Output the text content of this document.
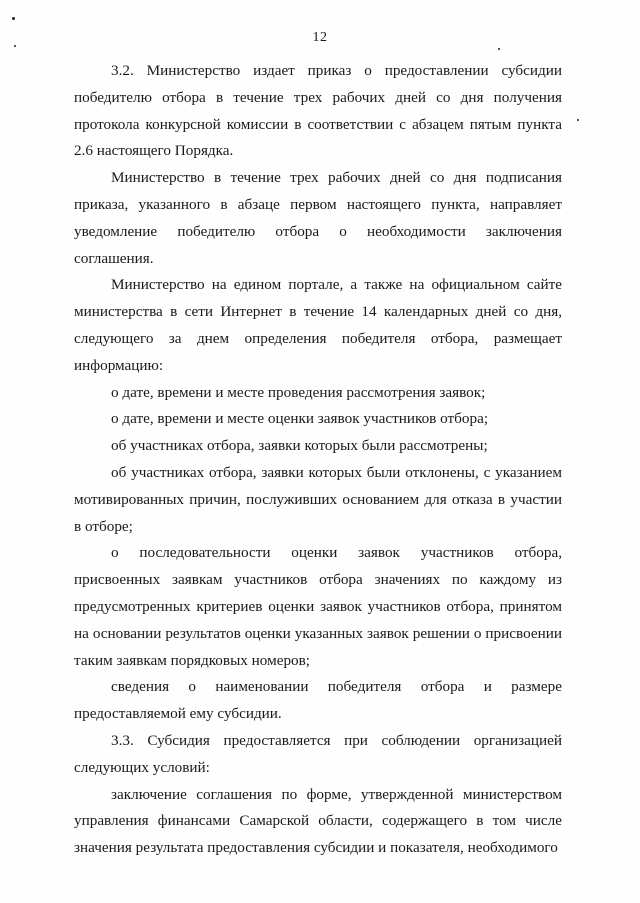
12

3.2. Министерство издает приказ о предоставлении субсидии победителю отбора в течение трех рабочих дней со дня получения протокола конкурсной комиссии в соответствии с абзацем пятым пункта 2.6 настоящего Порядка.

Министерство в течение трех рабочих дней со дня подписания приказа, указанного в абзаце первом настоящего пункта, направляет уведомление победителю отбора о необходимости заключения соглашения.

Министерство на едином портале, а также на официальном сайте министерства в сети Интернет в течение 14 календарных дней со дня, следующего за днем определения победителя отбора, размещает информацию:

о дате, времени и месте проведения рассмотрения заявок;

о дате, времени и месте оценки заявок участников отбора;

об участниках отбора, заявки которых были рассмотрены;

об участниках отбора, заявки которых были отклонены, с указанием мотивированных причин, послуживших основанием для отказа в участии в отборе;

о последовательности оценки заявок участников отбора, присвоенных заявкам участников отбора значениях по каждому из предусмотренных критериев оценки заявок участников отбора, принятом на основании результатов оценки указанных заявок решении о присвоении таким заявкам порядковых номеров;

сведения о наименовании победителя отбора и размере предоставляемой ему субсидии.

3.3. Субсидия предоставляется при соблюдении организацией следующих условий:

заключение соглашения по форме, утвержденной министерством управления финансами Самарской области, содержащего в том числе значения результата предоставления субсидии и показателя, необходимого
